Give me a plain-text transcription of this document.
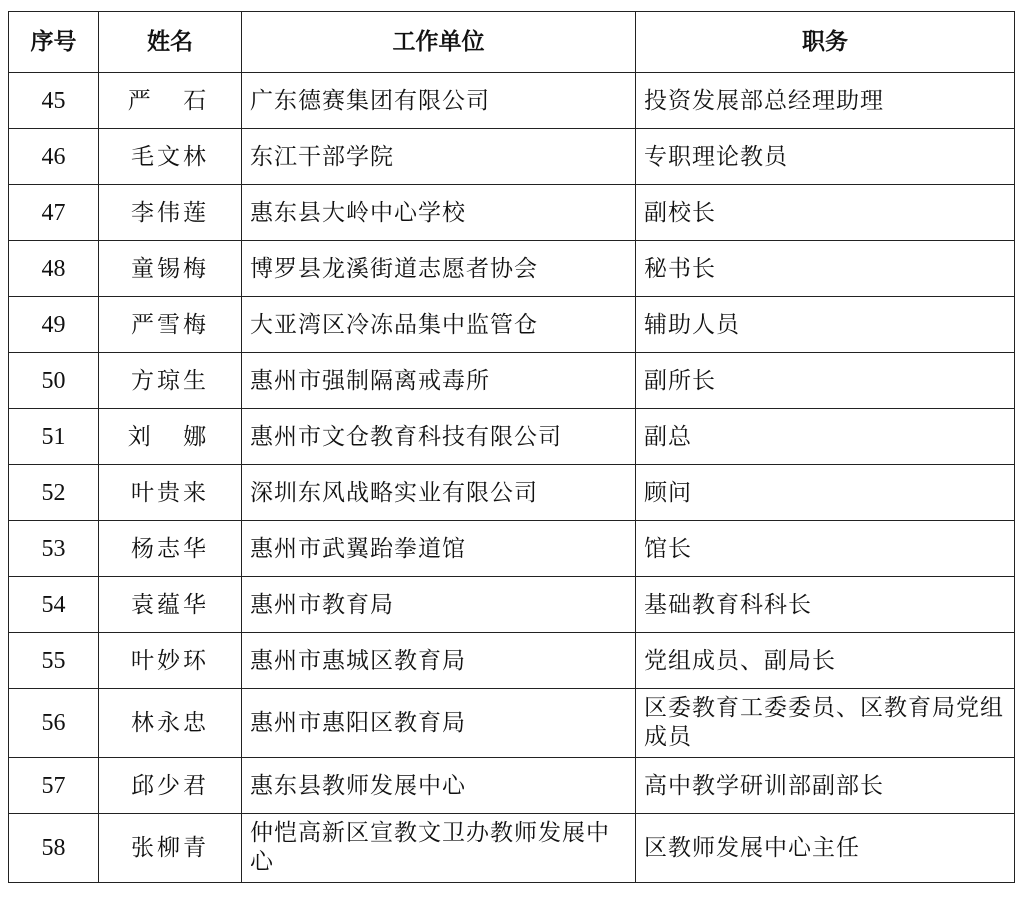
序号	姓名	工作单位	职务
45	严  石	广东德赛集团有限公司	投资发展部总经理助理
46	毛文林	东江干部学院	专职理论教员
47	李伟莲	惠东县大岭中心学校	副校长
48	童锡梅	博罗县龙溪街道志愿者协会	秘书长
49	严雪梅	大亚湾区冷冻品集中监管仓	辅助人员
50	方琼生	惠州市强制隔离戒毒所	副所长
51	刘  娜	惠州市文仓教育科技有限公司	副总
52	叶贵来	深圳东风战略实业有限公司	顾问
53	杨志华	惠州市武翼跆拳道馆	馆长
54	袁蕴华	惠州市教育局	基础教育科科长
55	叶妙环	惠州市惠城区教育局	党组成员、副局长
56	林永忠	惠州市惠阳区教育局	区委教育工委委员、区教育局党组成员
57	邱少君	惠东县教师发展中心	高中教学研训部副部长
58	张柳青	仲恺高新区宣教文卫办教师发展中心	区教师发展中心主任
